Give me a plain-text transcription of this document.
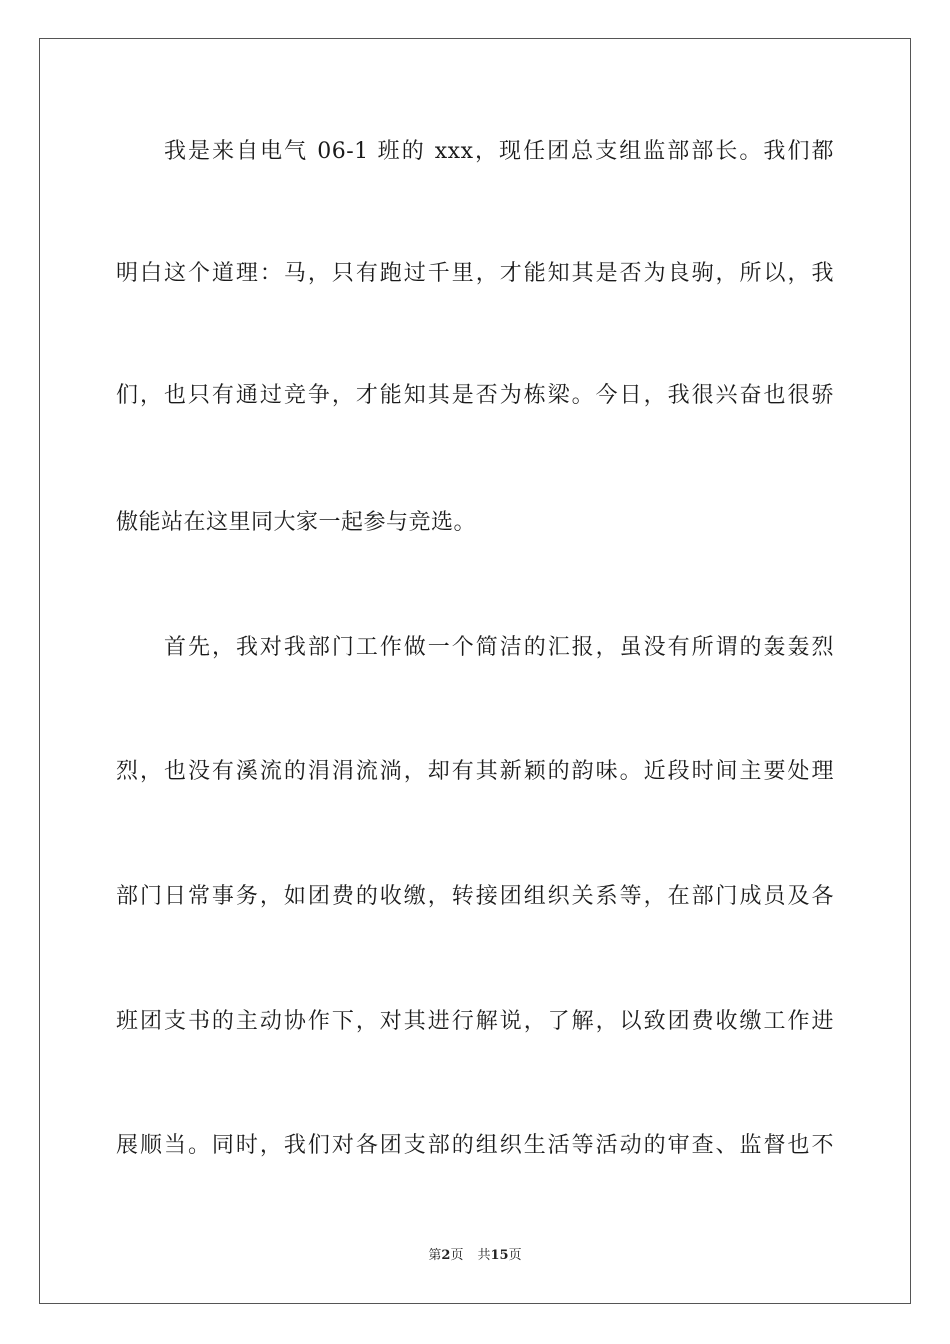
我是来自电气 06-1 班的 xxx，现任团总支组监部部长。我们都
明白这个道理：马，只有跑过千里，才能知其是否为良驹，所以，我
们，也只有通过竞争，才能知其是否为栋梁。今日，我很兴奋也很骄
傲能站在这里同大家一起参与竞选。
首先，我对我部门工作做一个简洁的汇报，虽没有所谓的轰轰烈
烈，也没有溪流的涓涓流淌，却有其新颖的韵味。近段时间主要处理
部门日常事务，如团费的收缴，转接团组织关系等，在部门成员及各
班团支书的主动协作下，对其进行解说，了解，以致团费收缴工作进
展顺当。同时，我们对各团支部的组织生活等活动的审查、监督也不
第2页 共15页
